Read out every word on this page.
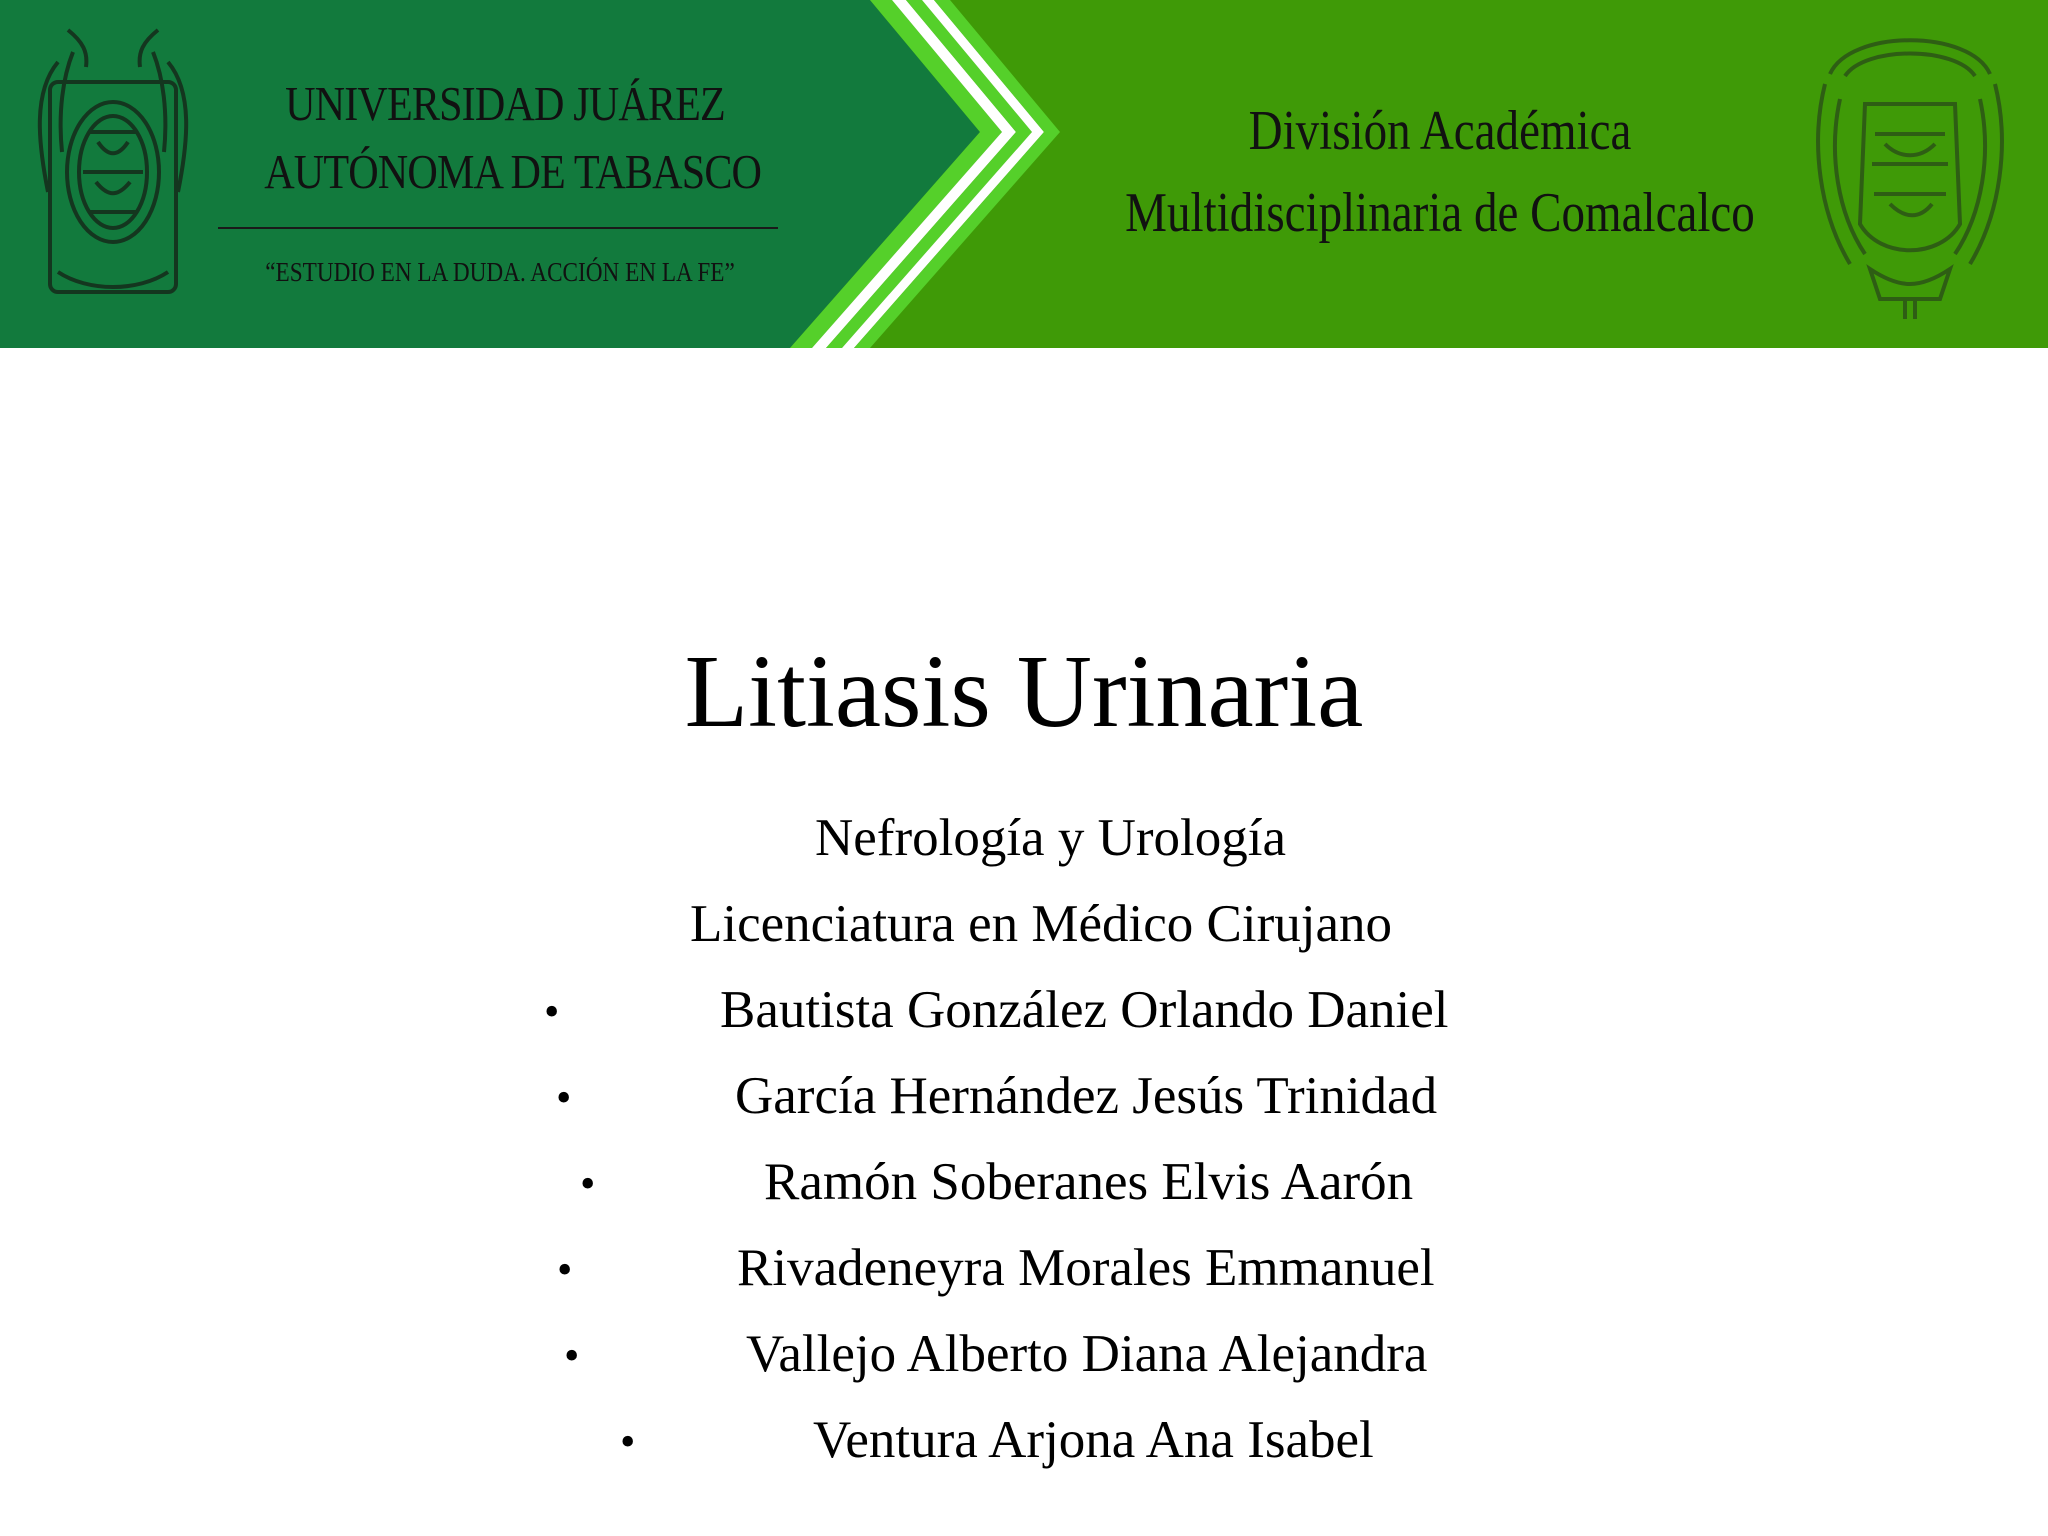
UNIVERSIDAD JUÁREZ
AUTÓNOMA DE TABASCO
“ESTUDIO EN LA DUDA. ACCIÓN EN LA FE”
División Académica
Multidisciplinaria de Comalcalco
Litiasis Urinaria
Nefrología y Urología
Licenciatura en Médico Cirujano
•	Bautista González Orlando Daniel
•	García Hernández Jesús Trinidad
•	Ramón Soberanes Elvis Aarón
•	Rivadeneyra Morales Emmanuel
•	Vallejo Alberto Diana Alejandra
•	Ventura Arjona Ana Isabel
